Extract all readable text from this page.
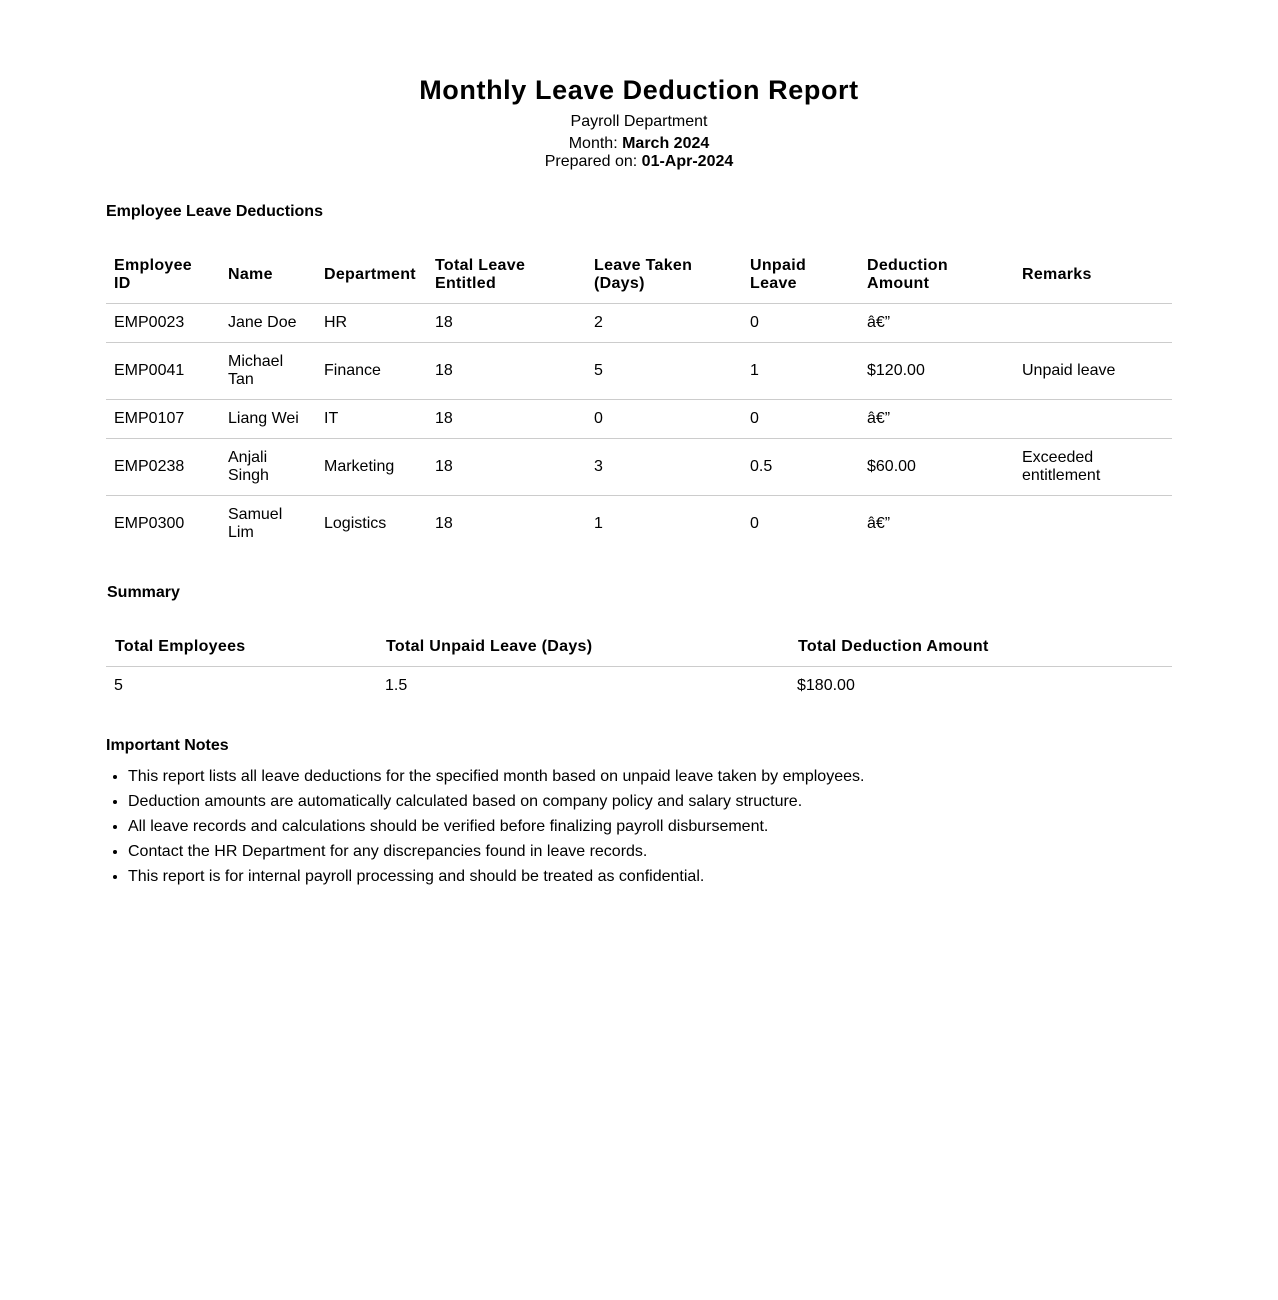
Monthly Leave Deduction Report
Payroll Department
Month: March 2024
Prepared on: 01-Apr-2024
Employee Leave Deductions
Employee ID	Name	Department	Total Leave Entitled	Leave Taken (Days)	Unpaid Leave	Deduction Amount	Remarks
EMP0023	Jane Doe	HR	18	2	0	â€”	
EMP0041	Michael Tan	Finance	18	5	1	$120.00	Unpaid leave
EMP0107	Liang Wei	IT	18	0	0	â€”	
EMP0238	Anjali Singh	Marketing	18	3	0.5	$60.00	Exceeded entitlement
EMP0300	Samuel Lim	Logistics	18	1	0	â€”	
Summary
Total Employees	Total Unpaid Leave (Days)	Total Deduction Amount
5	1.5	$180.00
Important Notes
• This report lists all leave deductions for the specified month based on unpaid leave taken by employees.
• Deduction amounts are automatically calculated based on company policy and salary structure.
• All leave records and calculations should be verified before finalizing payroll disbursement.
• Contact the HR Department for any discrepancies found in leave records.
• This report is for internal payroll processing and should be treated as confidential.
